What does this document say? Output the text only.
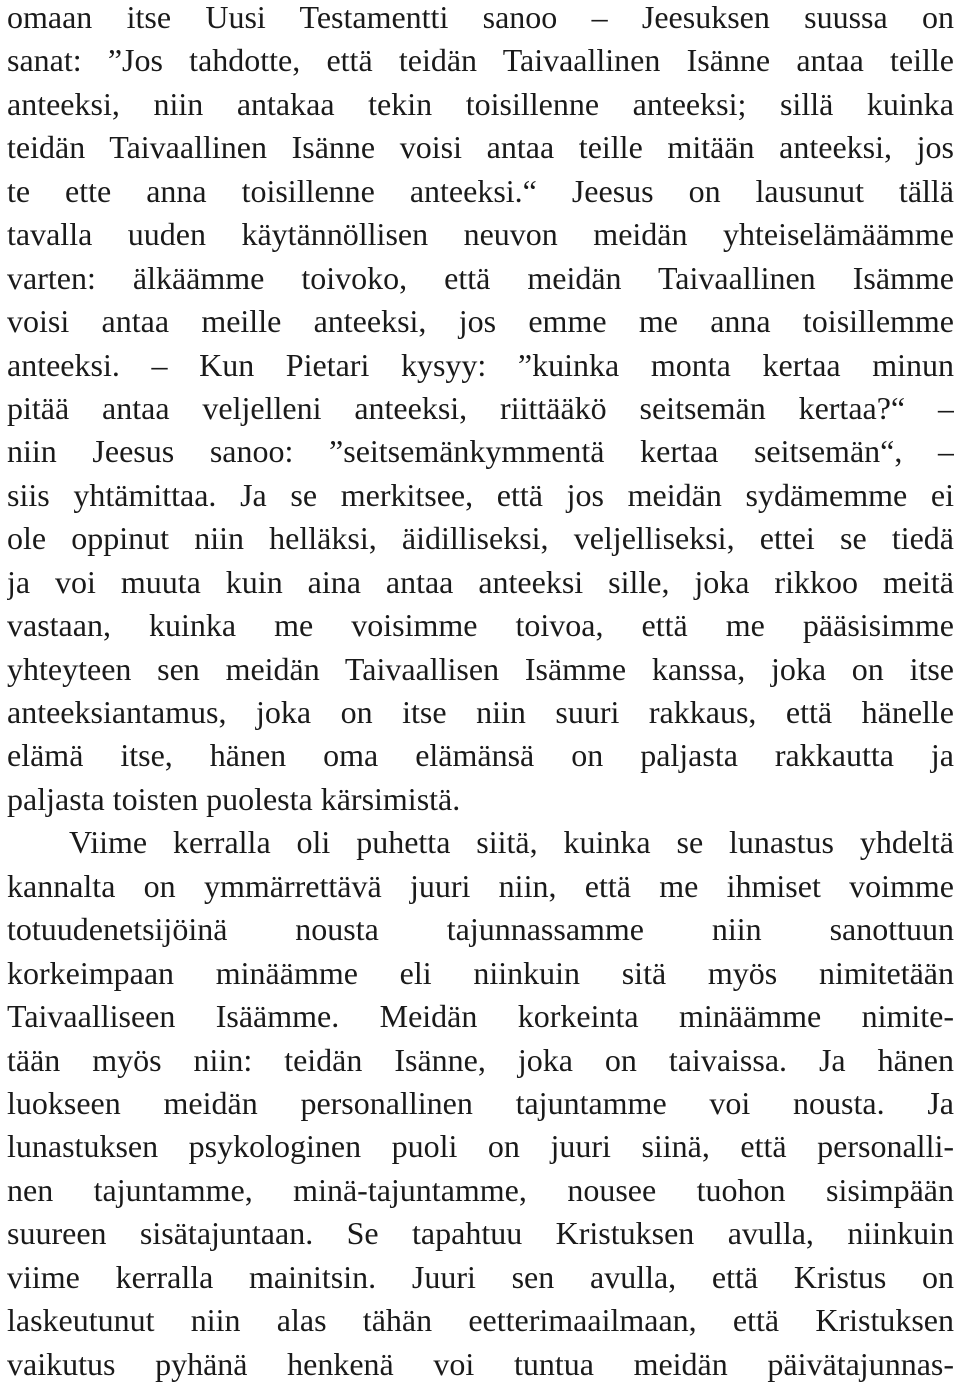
omaan itse Uusi Testamentti sanoo – Jeesuksen suussa on
sanat: ”Jos tahdotte, että teidän Taivaallinen Isänne antaa teille
anteeksi, niin antakaa tekin toisillenne anteeksi; sillä kuinka
teidän Taivaallinen Isänne voisi antaa teille mitään anteeksi, jos
te ette anna toisillenne anteeksi.“ Jeesus on lausunut tällä
tavalla uuden käytännöllisen neuvon meidän yhteiselämäämme
varten: älkäämme toivoko, että meidän Taivaallinen Isämme
voisi antaa meille anteeksi, jos emme me anna toisillemme
anteeksi. – Kun Pietari kysyy: ”kuinka monta kertaa minun
pitää antaa veljelleni anteeksi, riittääkö seitsemän kertaa?“ –
niin Jeesus sanoo: ”seitsemänkymmentä kertaa seitsemän“, –
siis yhtämittaa. Ja se merkitsee, että jos meidän sydämemme ei
ole oppinut niin helläksi, äidilliseksi, veljelliseksi, ettei se tiedä
ja voi muuta kuin aina antaa anteeksi sille, joka rikkoo meitä
vastaan, kuinka me voisimme toivoa, että me pääsisimme
yhteyteen sen meidän Taivaallisen Isämme kanssa, joka on itse
anteeksiantamus, joka on itse niin suuri rakkaus, että hänelle
elämä itse, hänen oma elämänsä on paljasta rakkautta ja
paljasta toisten puolesta kärsimistä.
Viime kerralla oli puhetta siitä, kuinka se lunastus yhdeltä
kannalta on ymmärrettävä juuri niin, että me ihmiset voimme
totuudenetsijöinä nousta tajunnassamme niin sanottuun
korkeimpaan minäämme eli niinkuin sitä myös nimitetään
Taivaalliseen Isäämme. Meidän korkeinta minäämme nimite-
tään myös niin: teidän Isänne, joka on taivaissa. Ja hänen
luokseen meidän personallinen tajuntamme voi nousta. Ja
lunastuksen psykologinen puoli on juuri siinä, että personalli-
nen tajuntamme, minä-tajuntamme, nousee tuohon sisimpään
suureen sisätajuntaan. Se tapahtuu Kristuksen avulla, niinkuin
viime kerralla mainitsin. Juuri sen avulla, että Kristus on
laskeutunut niin alas tähän eetterimaailmaan, että Kristuksen
vaikutus pyhänä henkenä voi tuntua meidän päivätajunnas-
